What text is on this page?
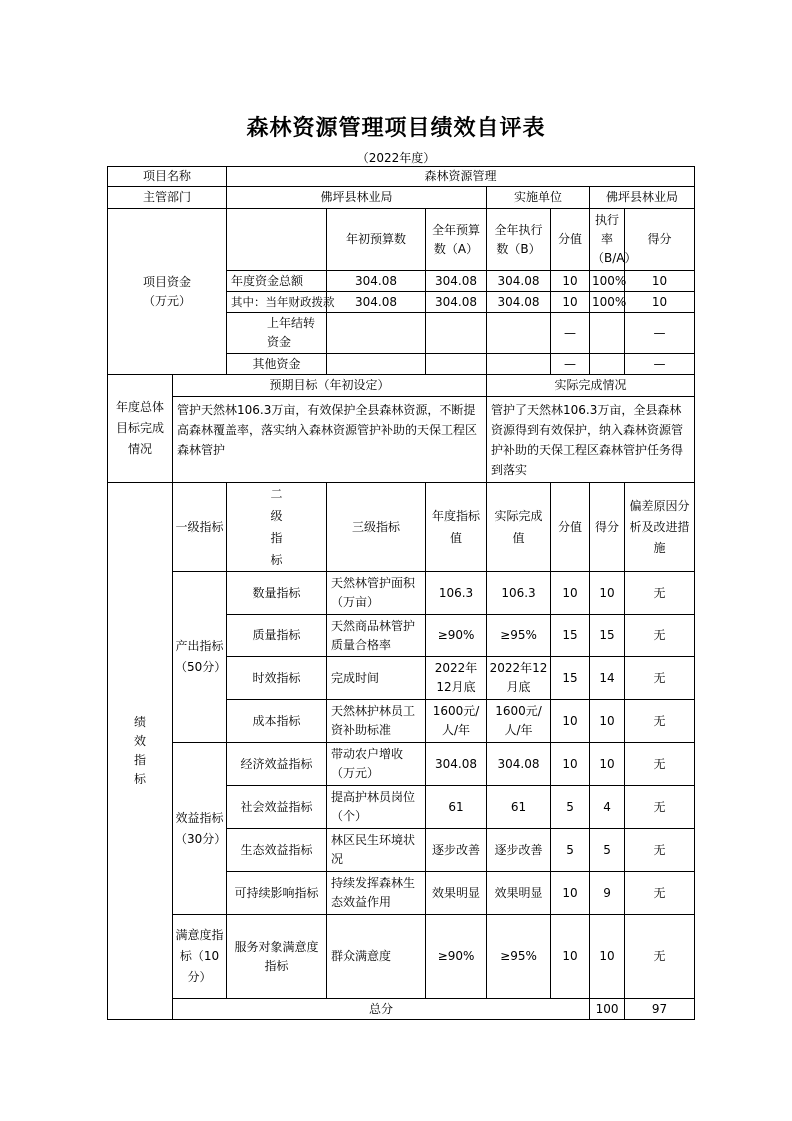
森林资源管理项目绩效自评表
（2022年度）
项目名称		森林资源管理							
主管部门		佛坪县林业局			实施单位		佛坪县林业局		

项目资金
（万元）			年初预算数	全年预算数（A）	全年执行数（B）	分值	执行率（B/A）	得分	
		年度资金总额	304.08	304.08	304.08	10	100%	10	
		其中：当年财政拨款	304.08	304.08	304.08	10	100%	10	
		上年结转资金				—		—	
		其他资金				—		—	
年度总体目标完成情况	预期目标（年初设定）				实际完成情况				
	管护天然林106.3万亩，有效保护全县森林资源，不断提高森林覆盖率，落实纳入森林资源管护补助的天保工程区森林管护				管护了天然林106.3万亩，全县森林资源得到有效保护，纳入森林资源管护补助的天保工程区森林管护任务得到落实				

绩
效
指
标	一级指标	二级指标	三级指标	年度指标值	实际完成值	分值	得分	偏差原因分析及改进措施	
	产出指标（50分）	数量指标	天然林管护面积（万亩）	106.3	106.3	10	10	无	
		质量指标	天然商品林管护质量合格率	≥90%	≥95%	15	15	无	
		时效指标	完成时间	2022年12月底	2022年12月底	15	14	无	
		成本指标	天然林护林员工资补助标准	1600元/人/年	1600元/人/年	10	10	无	
	效益指标（30分）	经济效益指标	带动农户增收（万元）	304.08	304.08	10	10	无	
		社会效益指标	提高护林员岗位（个）	61	61	5	4	无	
		生态效益指标	林区民生环境状况	逐步改善	逐步改善	5	5	无	
		可持续影响指标	持续发挥森林生态效益作用	效果明显	效果明显	10	9	无	
	满意度指标（10分）	服务对象满意度指标	群众满意度	≥90%	≥95%	10	10	无	
	总分						100	97	
